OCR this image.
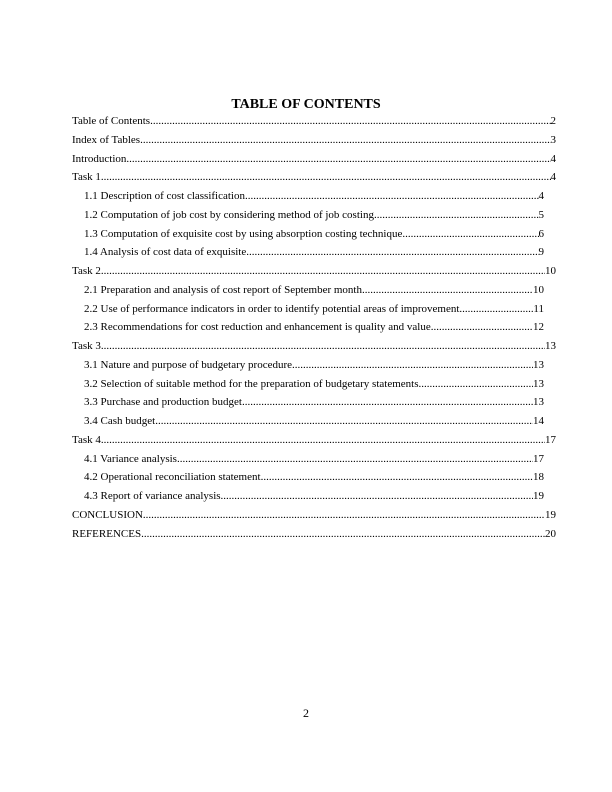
TABLE OF CONTENTS
Table of Contents .....	2
Index of Tables .....	3
Introduction .....	4
Task 1 .....	4
1.1 Description of cost classification .....	4
1.2 Computation of job cost by considering method of job costing .....	5
1.3 Computation of exquisite cost by using absorption costing technique .....	6
1.4 Analysis of cost data of exquisite .....	9
Task 2 .....	10
2.1 Preparation and analysis of cost report of September month .....	10
2.2 Use of performance indicators in order to identify potential areas of improvement .....	11
2.3 Recommendations for cost reduction and enhancement is quality and value .....	12
Task 3 .....	13
3.1 Nature and purpose of budgetary procedure .....	13
3.2 Selection of suitable method for the preparation of budgetary statements .....	13
3.3 Purchase and production budget .....	13
3.4 Cash budget .....	14
Task 4 .....	17
4.1 Variance analysis .....	17
4.2 Operational reconciliation statement .....	18
4.3 Report of variance analysis .....	19
CONCLUSION .....	19
REFERENCES .....	20
2
